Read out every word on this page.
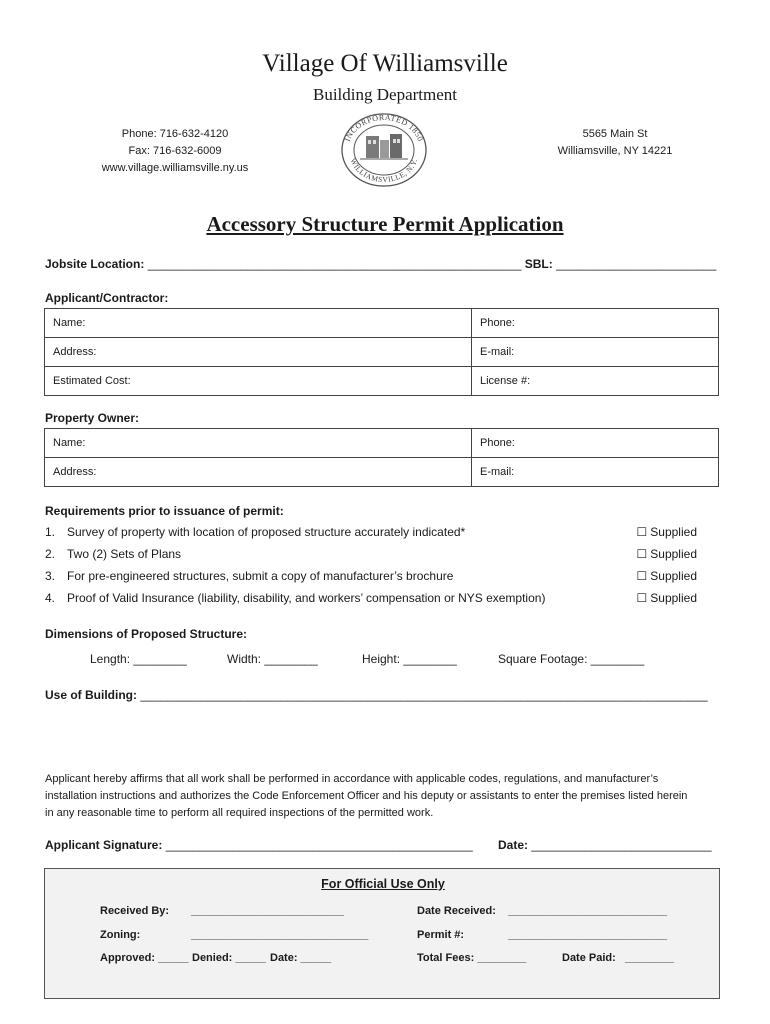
Village Of Williamsville
Building Department
Phone: 716-632-4120
Fax: 716-632-6009
www.village.williamsville.ny.us
INCORPORATED 1850
WILLIAMSVILLE, N.Y.
5565 Main St
Williamsville, NY 14221
Accessory Structure Permit Application
Jobsite Location: ________________________________________________________ SBL: ________________________
Applicant/Contractor:
Name:	Phone:
Address:	E-mail:
Estimated Cost:	License #:
Property Owner:
Name:	Phone:
Address:	E-mail:
Requirements prior to issuance of permit:
1. Survey of property with location of proposed structure accurately indicated*	☐ Supplied
2. Two (2) Sets of Plans	☐ Supplied
3. For pre-engineered structures, submit a copy of manufacturer’s brochure	☐ Supplied
4. Proof of Valid Insurance (liability, disability, and workers’ compensation or NYS exemption)	☐ Supplied
Dimensions of Proposed Structure:
Length: ________	Width: ________	Height: ________	Square Footage: ________
Use of Building: _____________________________________________________________________________________
Applicant hereby affirms that all work shall be performed in accordance with applicable codes, regulations, and manufacturer’s
installation instructions and authorizes the Code Enforcement Officer and his deputy or assistants to enter the premises listed herein
in any reasonable time to perform all required inspections of the permitted work.
Applicant Signature: ______________________________________________ Date: ___________________________
For Official Use Only
Received By: _________________________	Date Received: __________________________
Zoning:	_____________________________	Permit #:	__________________________
Approved: _____ Denied: _____ Date: _____	Total Fees: ________	Date Paid: ________
